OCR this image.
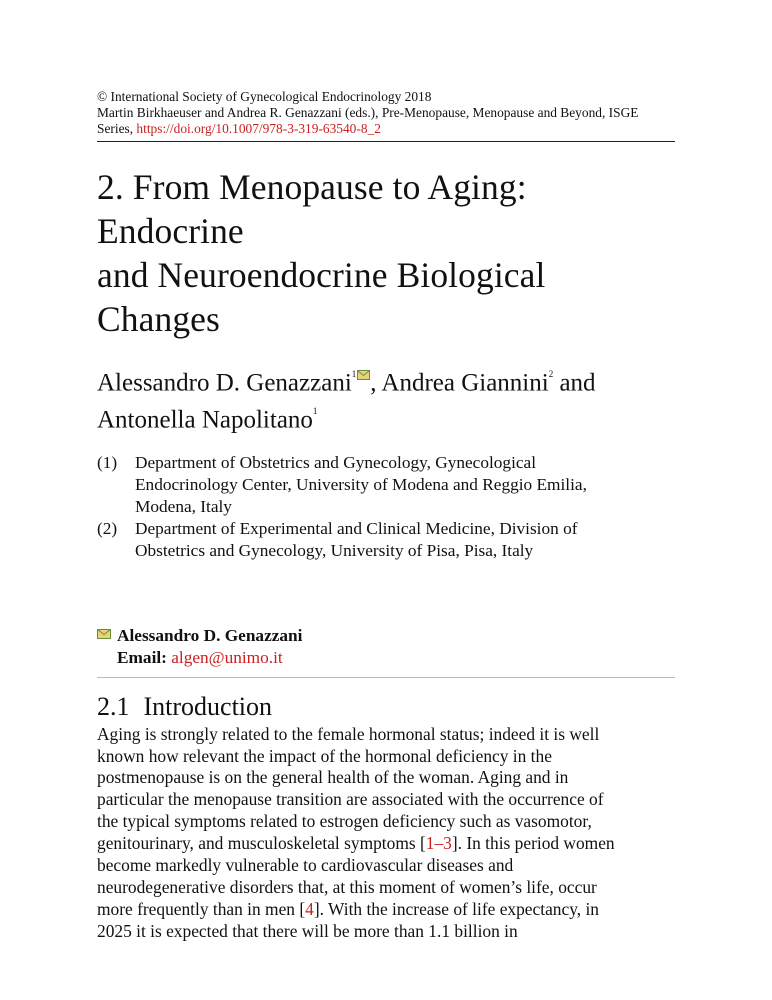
© International Society of Gynecological Endocrinology 2018
Martin Birkhaeuser and Andrea R. Genazzani (eds.), Pre-Menopause, Menopause and Beyond, ISGE
Series, https://doi.org/10.1007/978-3-319-63540-8_2
2. From Menopause to Aging: Endocrine
and Neuroendocrine Biological Changes
Alessandro D. Genazzani$^1$ , Andrea Giannini$^2$ and
Antonella Napolitano$^1$
(1)	Department of Obstetrics and Gynecology, Gynecological
Endocrinology Center, University of Modena and Reggio Emilia,
Modena, Italy
(2)	Department of Experimental and Clinical Medicine, Division of
Obstetrics and Gynecology, University of Pisa, Pisa, Italy
Alessandro D. Genazzani
Email: algen@unimo.it
2.1 Introduction
Aging is strongly related to the female hormonal status; indeed it is well
known how relevant the impact of the hormonal deficiency in the
postmenopause is on the general health of the woman. Aging and in
particular the menopause transition are associated with the occurrence of
the typical symptoms related to estrogen deficiency such as vasomotor,
genitourinary, and musculoskeletal symptoms [1–3]. In this period women
become markedly vulnerable to cardiovascular diseases and
neurodegenerative disorders that, at this moment of women’s life, occur
more frequently than in men [4]. With the increase of life expectancy, in
2025 it is expected that there will be more than 1.1 billion in
